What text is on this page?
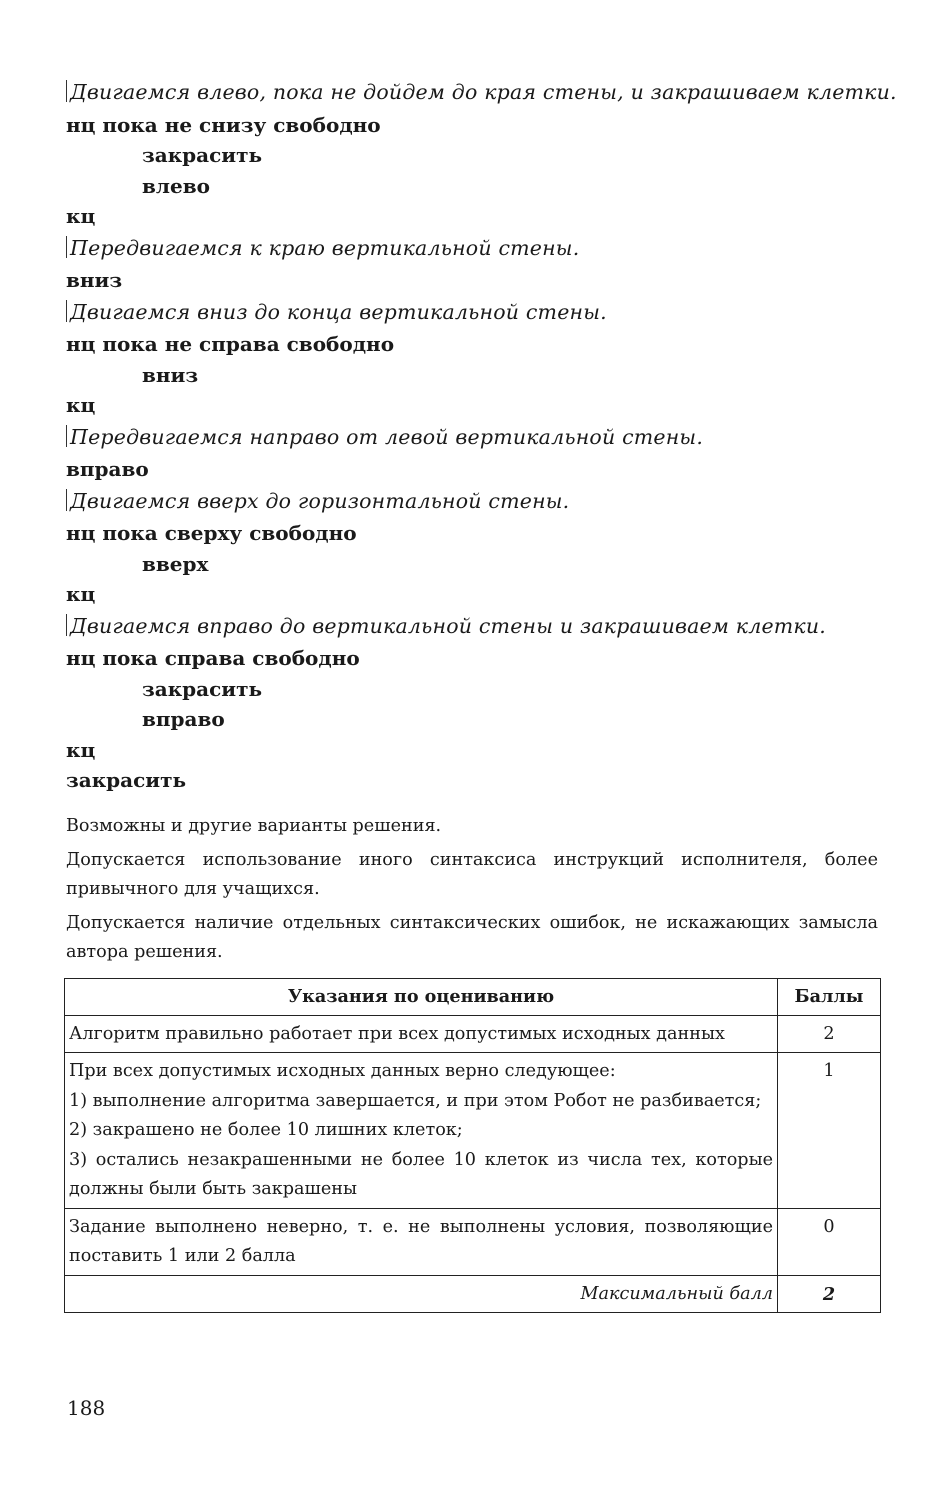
Двигаемся влево, пока не дойдем до края стены, и закрашиваем клетки.
нц пока не снизу свободно
закрасить
влево
кц
Передвигаемся к краю вертикальной стены.
вниз
Двигаемся вниз до конца вертикальной стены.
нц пока не справа свободно
вниз
кц
Передвигаемся направо от левой вертикальной стены.
вправо
Двигаемся вверх до горизонтальной стены.
нц пока сверху свободно
вверх
кц
Двигаемся вправо до вертикальной стены и закрашиваем клетки.
нц пока справа свободно
закрасить
вправо
кц
закрасить

Возможны и другие варианты решения.

Допускается использование иного синтаксиса инструкций исполнителя, более привычного для учащихся.

Допускается наличие отдельных синтаксических ошибок, не искажающих замысла автора решения.

Указания по оцениванию	Баллы
Алгоритм правильно работает при всех допустимых исходных данных	2

При всех допустимых исходных данных верно следующее:
1) выполнение алгоритма завершается, и при этом Робот не разбивается;
2) закрашено не более 10 лишних клеток;
3) остались незакрашенными не более 10 клеток из числа тех, которые должны были быть закрашены	1
Задание выполнено неверно, т. е. не выполнены условия, позволяющие поставить 1 или 2 балла	0
Максимальный балл	2
188
